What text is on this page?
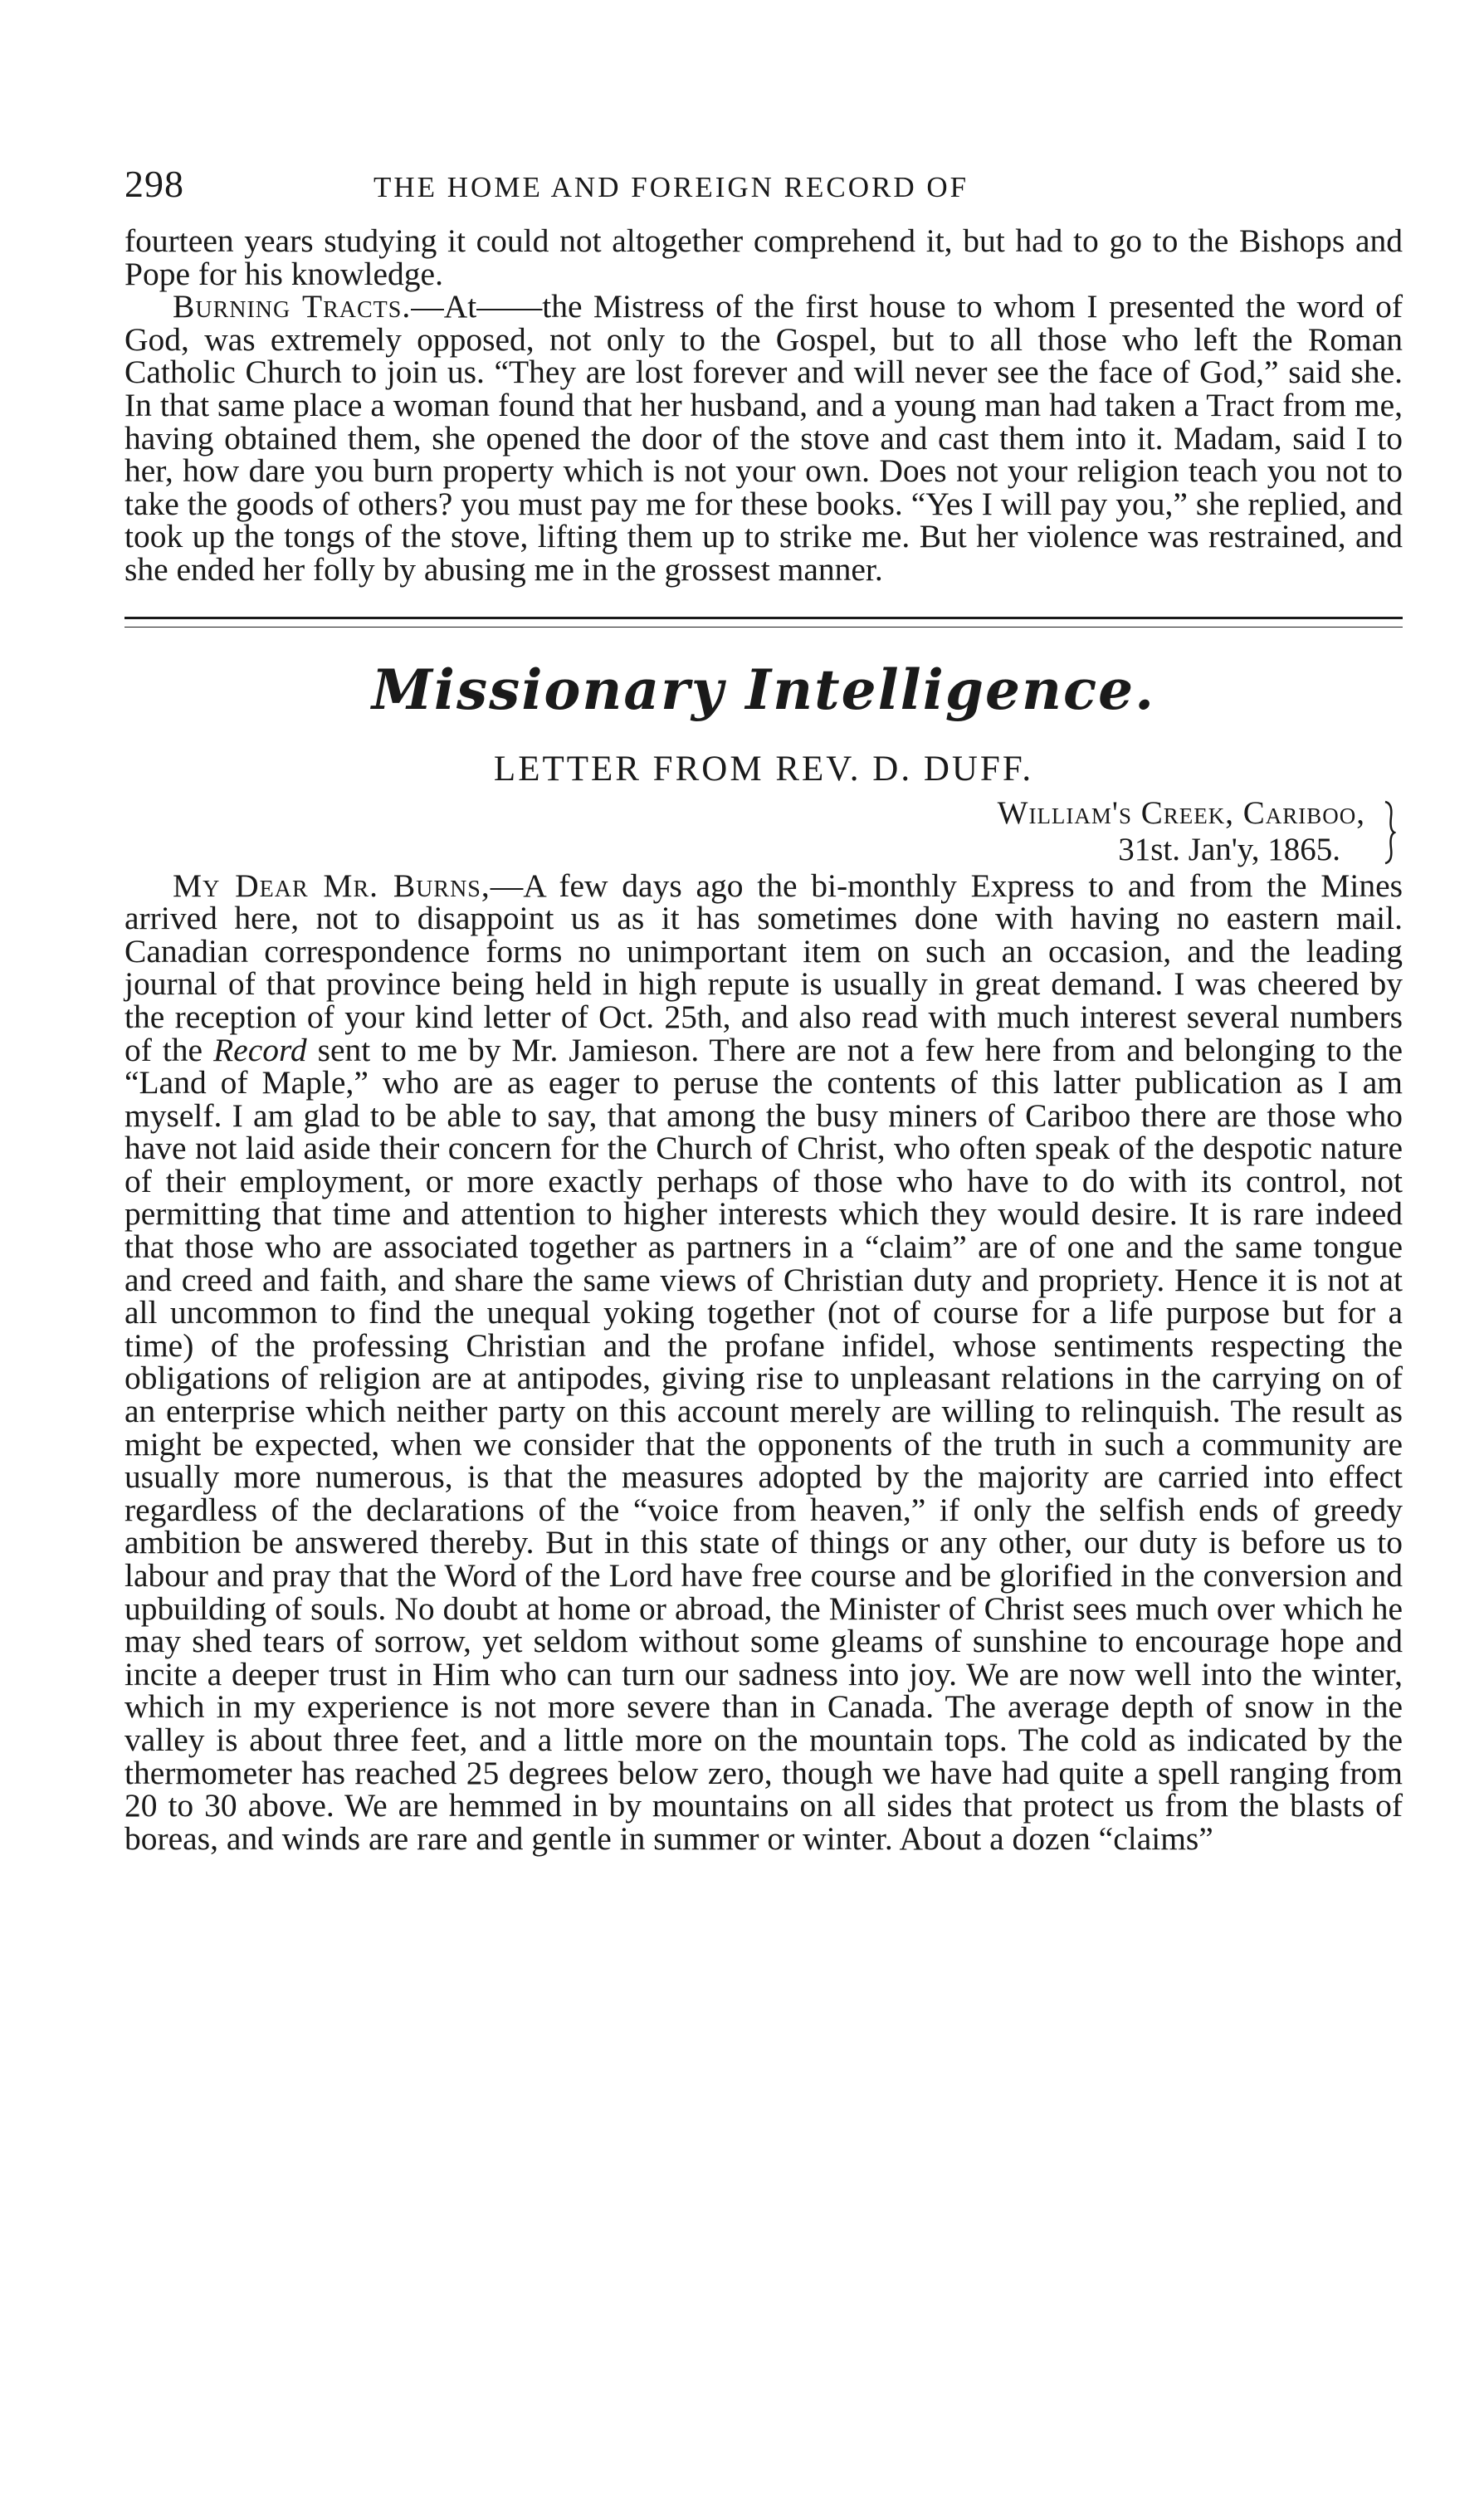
298	THE HOME AND FOREIGN RECORD OF

fourteen years studying it could not altogether comprehend it, but had to go to the Bishops and Pope for his knowledge.

Burning Tracts.—At——the Mistress of the first house to whom I presented the word of God, was extremely opposed, not only to the Gospel, but to all those who left the Roman Catholic Church to join us. “They are lost forever and will never see the face of God,” said she. In that same place a woman found that her husband, and a young man had taken a Tract from me, having obtained them, she opened the door of the stove and cast them into it. Madam, said I to her, how dare you burn property which is not your own. Does not your religion teach you not to take the goods of others? you must pay me for these books. “Yes I will pay you,” she replied, and took up the tongs of the stove, lifting them up to strike me. But her violence was restrained, and she ended her folly by abusing me in the grossest manner.

Missionary Intelligence.
LETTER FROM REV. D. DUFF.
William's Creek, Cariboo,
31st. Jan'y, 1865.

My Dear Mr. Burns,—A few days ago the bi-monthly Express to and from the Mines arrived here, not to disappoint us as it has sometimes done with having no eastern mail. Canadian correspondence forms no unimportant item on such an occasion, and the leading journal of that province being held in high repute is usually in great demand. I was cheered by the reception of your kind letter of Oct. 25th, and also read with much interest several numbers of the Record sent to me by Mr. Jamieson. There are not a few here from and belonging to the “Land of Maple,” who are as eager to peruse the contents of this latter publication as I am myself. I am glad to be able to say, that among the busy miners of Cariboo there are those who have not laid aside their concern for the Church of Christ, who often speak of the despotic nature of their employment, or more exactly perhaps of those who have to do with its control, not permitting that time and attention to higher interests which they would desire. It is rare indeed that those who are associated together as partners in a “claim” are of one and the same tongue and creed and faith, and share the same views of Christian duty and propriety. Hence it is not at all uncommon to find the unequal yoking together (not of course for a life purpose but for a time) of the professing Christian and the profane infidel, whose sentiments respecting the obligations of religion are at antipodes, giving rise to unpleasant relations in the carrying on of an enterprise which neither party on this account merely are willing to relinquish. The result as might be expected, when we consider that the opponents of the truth in such a community are usually more numerous, is that the measures adopted by the majority are carried into effect regardless of the declarations of the “voice from heaven,” if only the selfish ends of greedy ambition be answered thereby. But in this state of things or any other, our duty is before us to labour and pray that the Word of the Lord have free course and be glorified in the conversion and upbuilding of souls. No doubt at home or abroad, the Minister of Christ sees much over which he may shed tears of sorrow, yet seldom without some gleams of sunshine to encourage hope and incite a deeper trust in Him who can turn our sadness into joy. We are now well into the winter, which in my experience is not more severe than in Canada. The average depth of snow in the valley is about three feet, and a little more on the mountain tops. The cold as indicated by the thermometer has reached 25 degrees below zero, though we have had quite a spell ranging from 20 to 30 above. We are hemmed in by mountains on all sides that protect us from the blasts of boreas, and winds are rare and gentle in summer or winter. About a dozen “claims”
